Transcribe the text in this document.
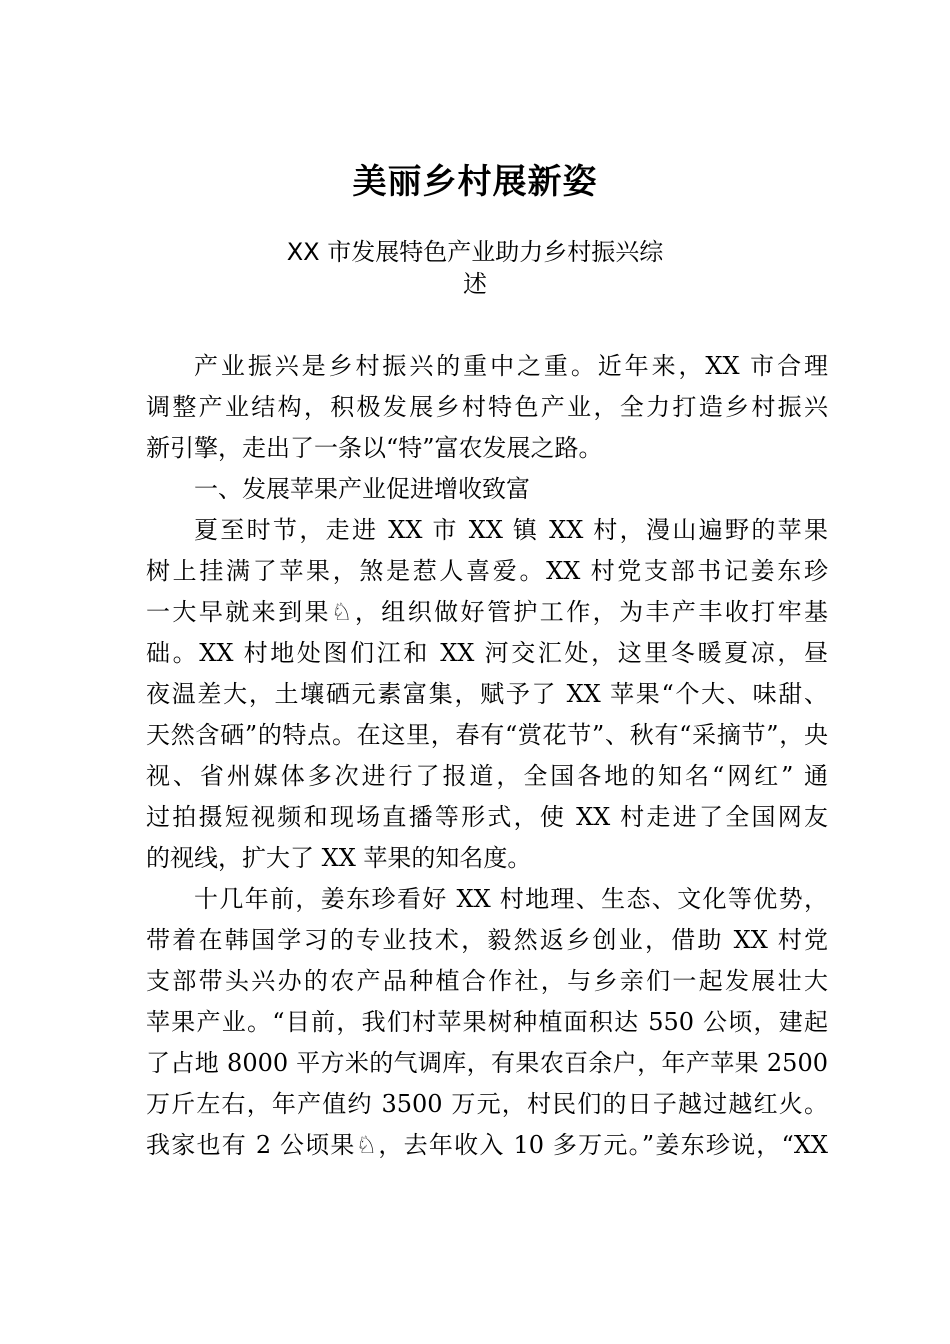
美丽乡村展新姿
XX 市发展特色产业助力乡村振兴综
述
产业振兴是乡村振兴的重中之重。近年来，XX 市合理
调整产业结构，积极发展乡村特色产业，全力打造乡村振兴
新引擎，走出了一条以“特”富农发展之路。
一、发展苹果产业促进增收致富
夏至时节，走进 XX 市 XX 镇 XX 村，漫山遍野的苹果
树上挂满了苹果，煞是惹人喜爱。XX 村党支部书记姜东珍
一大早就来到果♘，组织做好管护工作，为丰产丰收打牢基
础。XX 村地处图们江和 XX 河交汇处，这里冬暖夏凉，昼
夜温差大，土壤硒元素富集，赋予了 XX 苹果“个大、味甜、
天然含硒”的特点。在这里，春有“赏花节”、秋有“采摘节”，央
视、省州媒体多次进行了报道，全国各地的知名“网红” 通
过拍摄短视频和现场直播等形式，使 XX 村走进了全国网友
的视线，扩大了 XX 苹果的知名度。
十几年前，姜东珍看好 XX 村地理、生态、文化等优势，
带着在韩国学习的专业技术，毅然返乡创业，借助 XX 村党
支部带头兴办的农产品种植合作社，与乡亲们一起发展壮大
苹果产业。“目前，我们村苹果树种植面积达 550 公顷，建起
了占地 8000 平方米的气调库，有果农百余户，年产苹果 2500
万斤左右，年产值约 3500 万元，村民们的日子越过越红火。
我家也有 2 公顷果♘，去年收入 10 多万元。”姜东珍说，“XX
